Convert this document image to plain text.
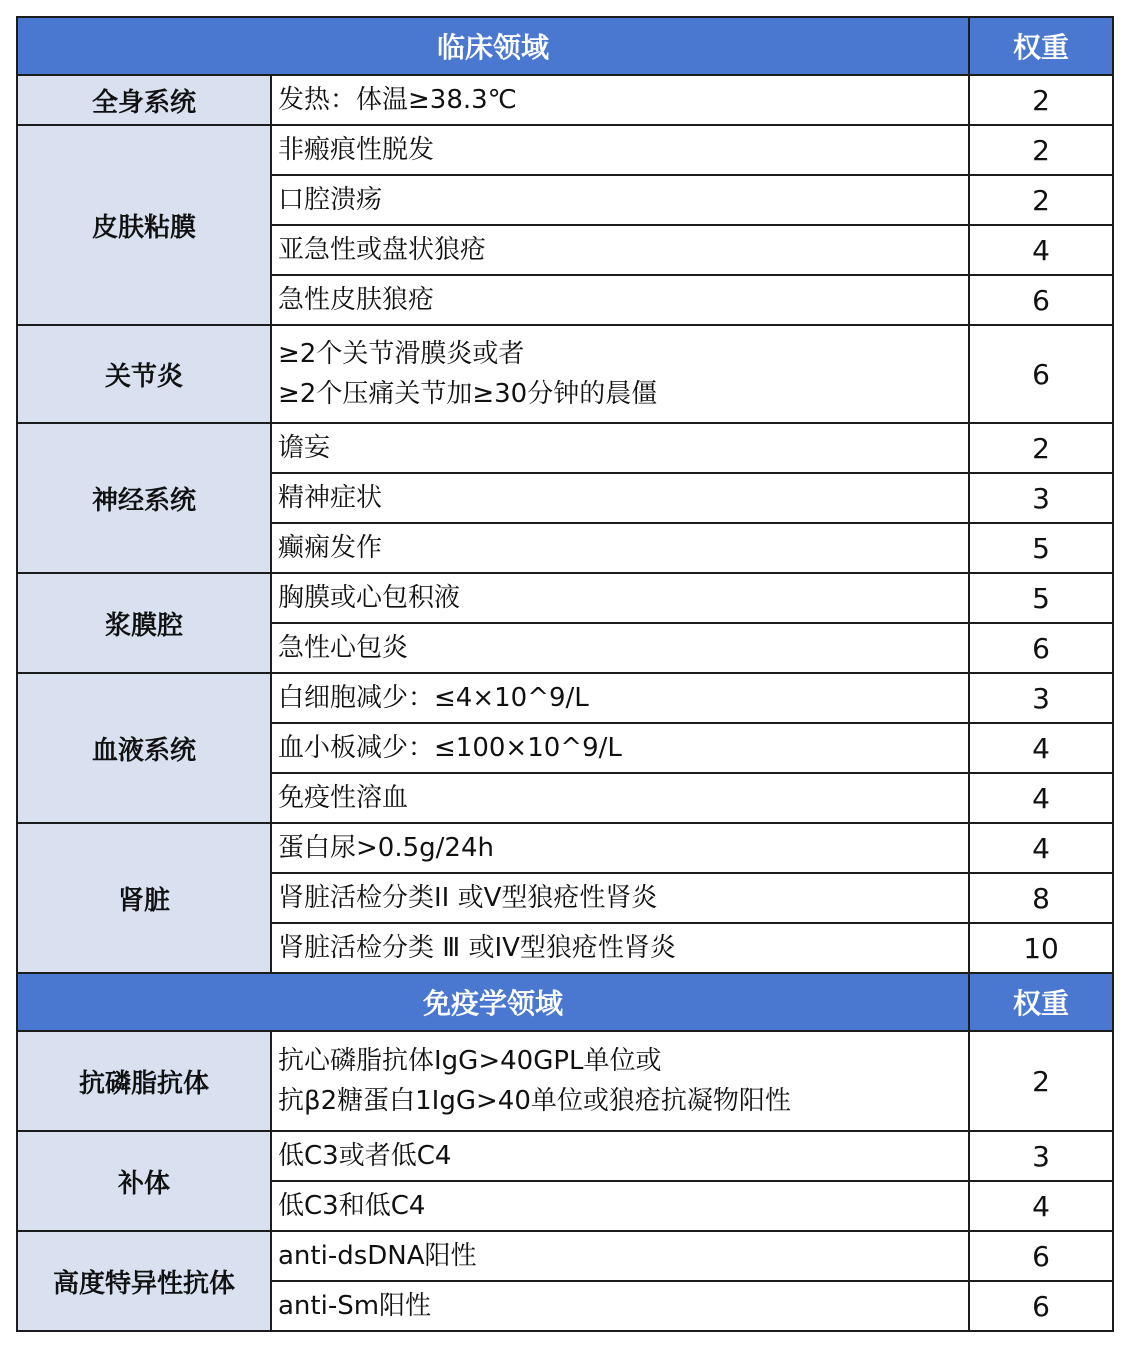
临床领域		权重
全身系统	发热：体温≥38.3℃	2
皮肤粘膜	非瘢痕性脱发	2
	口腔溃疡	2
	亚急性或盘状狼疮	4
	急性皮肤狼疮	6
关节炎	≥2个关节滑膜炎或者
≥2个压痛关节加≥30分钟的晨僵	6
神经系统	谵妄	2
	精神症状	3
	癫痫发作	5
浆膜腔	胸膜或心包积液	5
	急性心包炎	6
血液系统	白细胞减少：≤4×10^9/L	3
	血小板减少：≤100×10^9/L	4
	免疫性溶血	4
肾脏	蛋白尿>0.5g/24h	4
	肾脏活检分类II 或V型狼疮性肾炎	8
	肾脏活检分类 Ⅲ 或IV型狼疮性肾炎	10
免疫学领域		权重
抗磷脂抗体	抗心磷脂抗体IgG>40GPL单位或
抗β2糖蛋白1IgG>40单位或狼疮抗凝物阳性	2
补体	低C3或者低C4	3
	低C3和低C4	4
高度特异性抗体	anti-dsDNA阳性	6
	anti-Sm阳性	6
